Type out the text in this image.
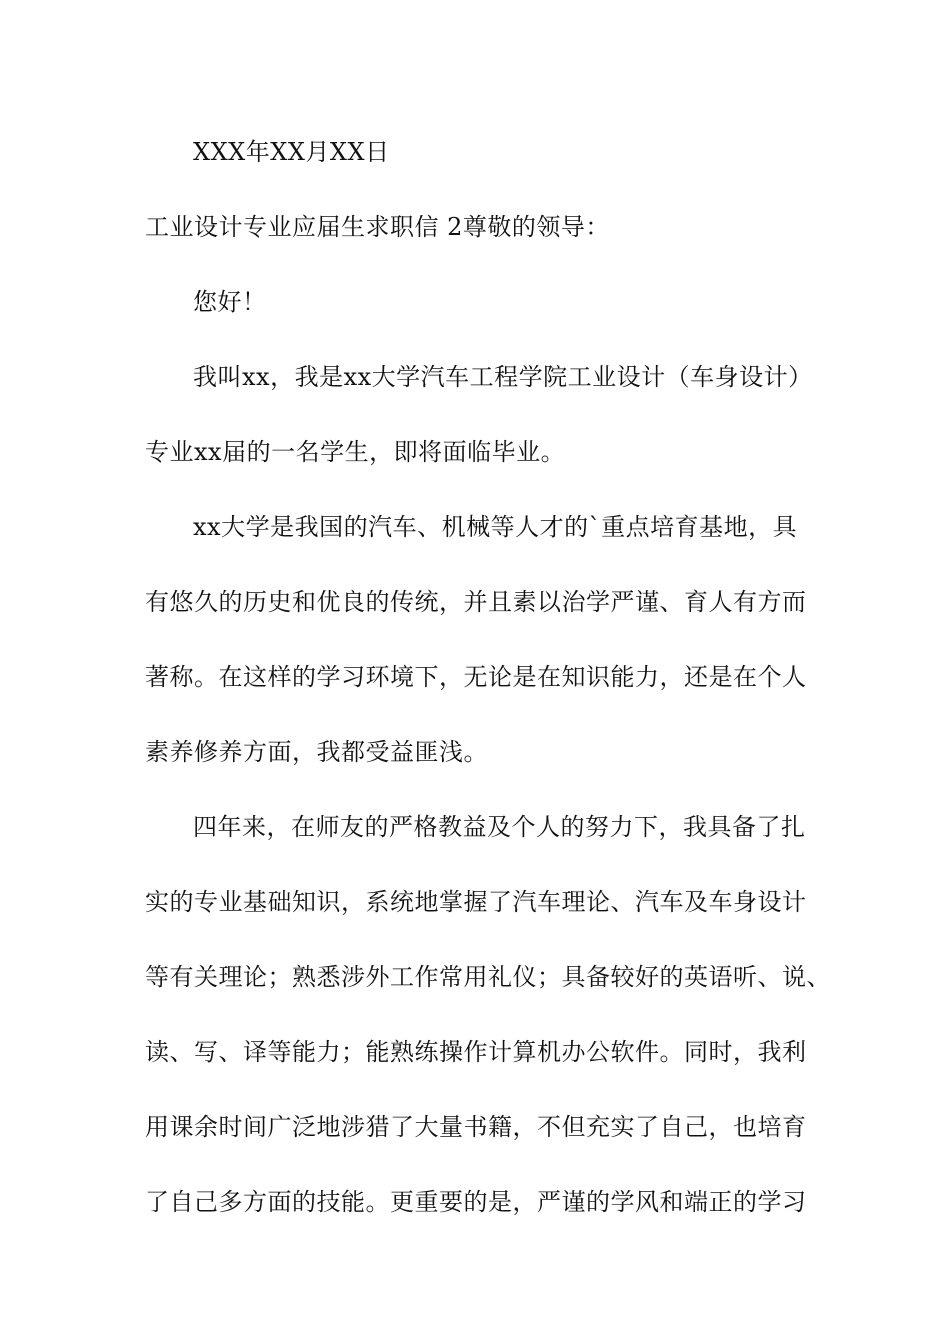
XXX年XX月XX日
工业设计专业应届生求职信 2尊敬的领导：
您好！
我叫xx，我是xx大学汽车工程学院工业设计（车身设计）
专业xx届的一名学生，即将面临毕业。
xx大学是我国的汽车、机械等人才的`重点培育基地，具
有悠久的历史和优良的传统，并且素以治学严谨、育人有方而
著称。在这样的学习环境下，无论是在知识能力，还是在个人
素养修养方面，我都受益匪浅。
四年来，在师友的严格教益及个人的努力下，我具备了扎
实的专业基础知识，系统地掌握了汽车理论、汽车及车身设计
等有关理论；熟悉涉外工作常用礼仪；具备较好的英语听、说、
读、写、译等能力；能熟练操作计算机办公软件。同时，我利
用课余时间广泛地涉猎了大量书籍，不但充实了自己，也培育
了自己多方面的技能。更重要的是，严谨的学风和端正的学习
